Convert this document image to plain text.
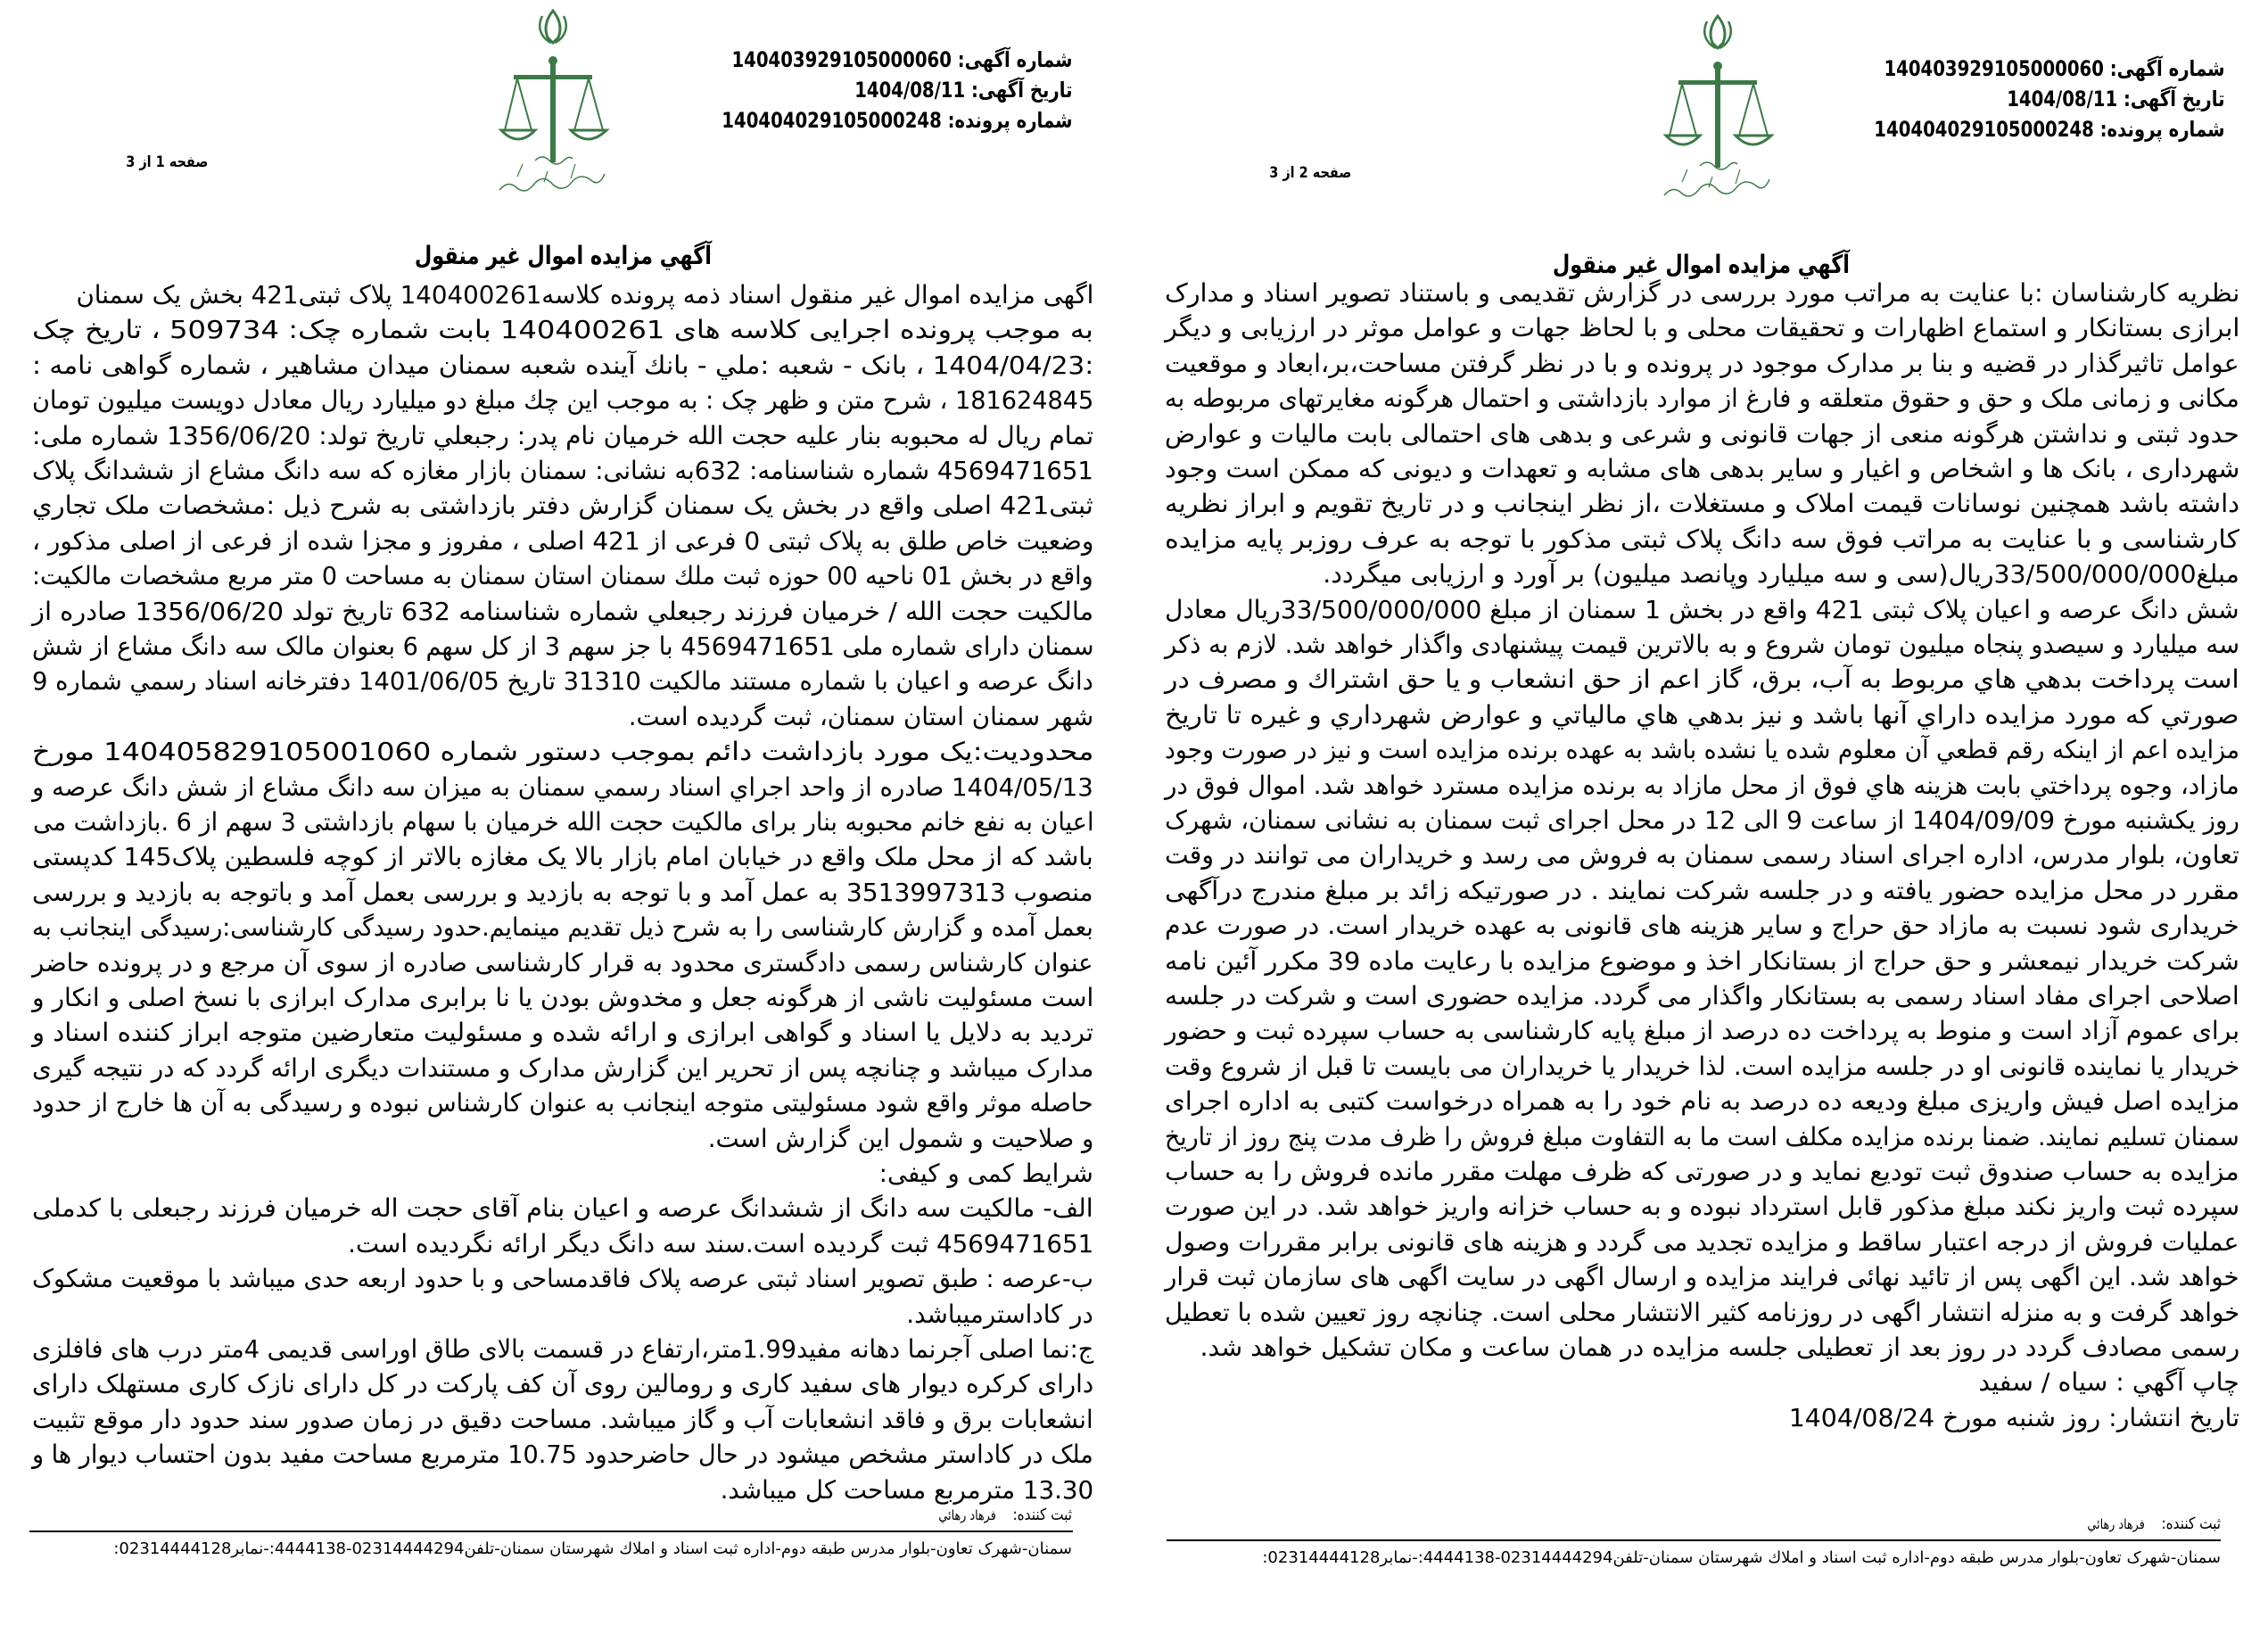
شماره آگهی: 140403929105000060
تاریخ آگهی: 1404/08/11
شماره پرونده: 140404029105000248
صفحه 1 از 3
آگهي مزايده اموال غير منقول
اگهی مزایده اموال غیر منقول اسناد ذمه پرونده کلاسه140400261 پلاک ثبتی421 بخش یک سمنان
به موجب پرونده اجرایی کلاسه های 140400261 بابت شماره چک: 509734 ، تاریخ چک
:1404/04/23 ، بانک - شعبه :ملي - بانك آينده شعبه سمنان میدان مشاهیر ، شماره گواهی نامه :
181624845 ، شرح متن و ظهر چک : به موجب این چك مبلغ دو میلیارد ریال معادل دویست میلیون تومان
تمام ریال له محبوبه بنار علیه حجت الله خرمیان نام پدر: رجبعلي تاریخ تولد: 1356/06/20 شماره ملی:
4569471651 شماره شناسنامه: 632به نشانی: سمنان بازار مغازه که سه دانگ مشاع از ششدانگ پلاک
ثبتی421 اصلی واقع در بخش یک سمنان گزارش دفتر بازداشتی به شرح ذیل :مشخصات ملک تجاري
وضعیت خاص طلق به پلاک ثبتی 0 فرعی از 421 اصلی ، مفروز و مجزا شده از فرعی از اصلی مذکور ،
واقع در بخش 01 ناحیه 00 حوزه ثبت ملك سمنان استان سمنان به مساحت 0 متر مربع مشخصات مالکیت:
مالکیت حجت الله / خرمیان فرزند رجبعلي شماره شناسنامه 632 تاریخ تولد 1356/06/20 صادره از
سمنان دارای شماره ملی 4569471651 با جز سهم 3 از کل سهم 6 بعنوان مالک سه دانگ مشاع از شش
دانگ عرصه و اعیان با شماره مستند مالکیت 31310 تاریخ 1401/06/05 دفترخانه اسناد رسمي شماره 9
شهر سمنان استان سمنان، ثبت گردیده است.
محدودیت:یک مورد بازداشت دائم بموجب دستور شماره 140405829105001060 مورخ
1404/05/13 صادره از واحد اجراي اسناد رسمي سمنان به میزان سه دانگ مشاع از شش دانگ عرصه و
اعیان به نفع خانم محبوبه بنار برای مالکیت حجت الله خرمیان با سهام بازداشتی 3 سهم از 6 .بازداشت می
باشد که از محل ملک واقع در خیابان امام بازار بالا یک مغازه بالاتر از کوچه فلسطین پلاک145 کدپستی
منصوب 3513997313 به عمل آمد و با توجه به بازدید و بررسی بعمل آمد و باتوجه به بازدید و بررسی
بعمل آمده و گزارش کارشناسی را به شرح ذیل تقدیم مینمایم.حدود رسیدگی کارشناسی:رسیدگی اینجانب به
عنوان کارشناس رسمی دادگستری محدود به قرار کارشناسی صادره از سوی آن مرجع و در پرونده حاضر
است مسئولیت ناشی از هرگونه جعل و مخدوش بودن یا نا برابری مدارک ابرازی با نسخ اصلی و انکار و
تردید به دلایل یا اسناد و گواهی ابرازی و ارائه شده و مسئولیت متعارضین متوجه ابراز کننده اسناد و
مدارک میباشد و چنانچه پس از تحریر این گزارش مدارک و مستندات دیگری ارائه گردد که در نتیجه گیری
حاصله موثر واقع شود مسئولیتی متوجه اینجانب به عنوان کارشناس نبوده و رسیدگی به آن ها خارج از حدود
و صلاحیت و شمول این گزارش است.
شرایط کمی و کیفی:
الف- مالکیت سه دانگ از ششدانگ عرصه و اعیان بنام آقای حجت اله خرمیان فرزند رجبعلی با کدملی
4569471651 ثبت گردیده است.سند سه دانگ دیگر ارائه نگردیده است.
ب-عرصه : طبق تصویر اسناد ثبتی عرصه پلاک فاقدمساحی و با حدود اربعه حدی میباشد با موقعیت مشکوک
در کاداسترمیباشد.
ج:نما اصلی آجرنما دهانه مفید1.99متر،ارتفاع در قسمت بالای طاق اوراسی قدیمی 4متر درب های فافلزی
دارای کرکره دیوار های سفید کاری و رومالین روی آن کف پارکت در کل دارای نازک کاری مستهلک دارای
انشعابات برق و فاقد انشعابات آب و گاز میباشد. مساحت دقیق در زمان صدور سند حدود دار موقع تثبیت
ملک در کاداستر مشخص میشود در حال حاضرحدود 10.75 مترمربع مساحت مفید بدون احتساب دیوار ها و
13.30 مترمربع مساحت کل میباشد.
ثبت کننده:فرهاد رهائي
سمنان-شهرک تعاون-بلوار مدرس طبقه دوم-اداره ثبت اسناد و املاك شهرستان سمنان-تلفن02314444294-4444138:-نمابر02314444128:
شماره آگهی: 140403929105000060
تاریخ آگهی: 1404/08/11
شماره پرونده: 140404029105000248
صفحه 2 از 3
آگهي مزايده اموال غير منقول
نظریه کارشناسان :با عنایت به مراتب مورد بررسی در گزارش تقدیمی و باستناد تصویر اسناد و مدارک
ابرازی بستانکار و استماع اظهارات و تحقیقات محلی و با لحاظ جهات و عوامل موثر در ارزیابی و دیگر
عوامل تاثیرگذار در قضیه و بنا بر مدارک موجود در پرونده و با در نظر گرفتن مساحت،بر،ابعاد و موقعیت
مکانی و زمانی ملک و حق و حقوق متعلقه و فارغ از موارد بازداشتی و احتمال هرگونه مغایرتهای مربوطه به
حدود ثبتی و نداشتن هرگونه منعی از جهات قانونی و شرعی و بدهی های احتمالی بابت مالیات و عوارض
شهرداری ، بانک ها و اشخاص و اغیار و سایر بدهی های مشابه و تعهدات و دیونی که ممکن است وجود
داشته باشد همچنین نوسانات قیمت املاک و مستغلات ،از نظر اینجانب و در تاریخ تقویم و ابراز نظریه
کارشناسی و با عنایت به مراتب فوق سه دانگ پلاک ثبتی مذکور با توجه به عرف روزبر پایه مزایده
مبلغ33/500/000/000ریال(سی و سه میلیارد وپانصد میلیون) بر آورد و ارزیابی میگردد.
شش دانگ عرصه و اعیان پلاک ثبتی 421 واقع در بخش 1 سمنان از مبلغ 33/500/000/000ریال معادل
سه میلیارد و سیصدو پنجاه میلیون تومان شروع و به بالاترین قیمت پیشنهادی واگذار خواهد شد. لازم به ذکر
است پرداخت بدهي هاي مربوط به آب، برق، گاز اعم از حق انشعاب و یا حق اشتراك و مصرف در
صورتي كه مورد مزایده داراي آنها باشد و نیز بدهي هاي مالیاتي و عوارض شهرداري و غیره تا تاریخ
مزایده اعم از اینكه رقم قطعي آن معلوم شده یا نشده باشد به عهده برنده مزایده است و نیز در صورت وجود
مازاد، وجوه پرداختي بابت هزینه هاي فوق از محل مازاد به برنده مزایده مسترد خواهد شد. اموال فوق در
روز یکشنبه مورخ 1404/09/09 از ساعت 9 الی 12 در محل اجرای ثبت سمنان به نشانی سمنان، شهرک
تعاون، بلوار مدرس، اداره اجرای اسناد رسمی سمنان به فروش می رسد و خریداران می توانند در وقت
مقرر در محل مزایده حضور یافته و در جلسه شرکت نمایند . در صورتیکه زائد بر مبلغ مندرج درآگهی
خریداری شود نسبت به مازاد حق حراج و سایر هزینه های قانونی به عهده خریدار است. در صورت عدم
شرکت خریدار نیمعشر و حق حراج از بستانکار اخذ و موضوع مزایده با رعایت ماده 39 مکرر آئین نامه
اصلاحی اجرای مفاد اسناد رسمی به بستانکار واگذار می گردد. مزایده حضوری است و شرکت در جلسه
برای عموم آزاد است و منوط به پرداخت ده درصد از مبلغ پایه کارشناسی به حساب سپرده ثبت و حضور
خریدار یا نماینده قانونی او در جلسه مزایده است. لذا خریدار یا خریداران می بایست تا قبل از شروع وقت
مزایده اصل فیش واریزی مبلغ ودیعه ده درصد به نام خود را به همراه درخواست کتبی به اداره اجرای
سمنان تسلیم نمایند. ضمنا برنده مزایده مکلف است ما به التفاوت مبلغ فروش را ظرف مدت پنج روز از تاریخ
مزایده به حساب صندوق ثبت تودیع نماید و در صورتی که ظرف مهلت مقرر مانده فروش را به حساب
سپرده ثبت واریز نکند مبلغ مذکور قابل استرداد نبوده و به حساب خزانه واریز خواهد شد. در این صورت
عملیات فروش از درجه اعتبار ساقط و مزایده تجدید می گردد و هزینه های قانونی برابر مقررات وصول
خواهد شد. این اگهی پس از تائید نهائی فرایند مزایده و ارسال اگهی در سایت اگهی های سازمان ثبت قرار
خواهد گرفت و به منزله انتشار اگهی در روزنامه کثیر الانتشار محلی است. چنانچه روز تعیین شده با تعطیل
رسمی مصادف گردد در روز بعد از تعطیلی جلسه مزایده در همان ساعت و مکان تشکیل خواهد شد.
چاپ آگهي : سياه / سفيد
تاریخ انتشار: روز شنبه مورخ 1404/08/24
ثبت کننده:فرهاد رهائي
سمنان-شهرک تعاون-بلوار مدرس طبقه دوم-اداره ثبت اسناد و املاك شهرستان سمنان-تلفن02314444294-4444138:-نمابر02314444128:
